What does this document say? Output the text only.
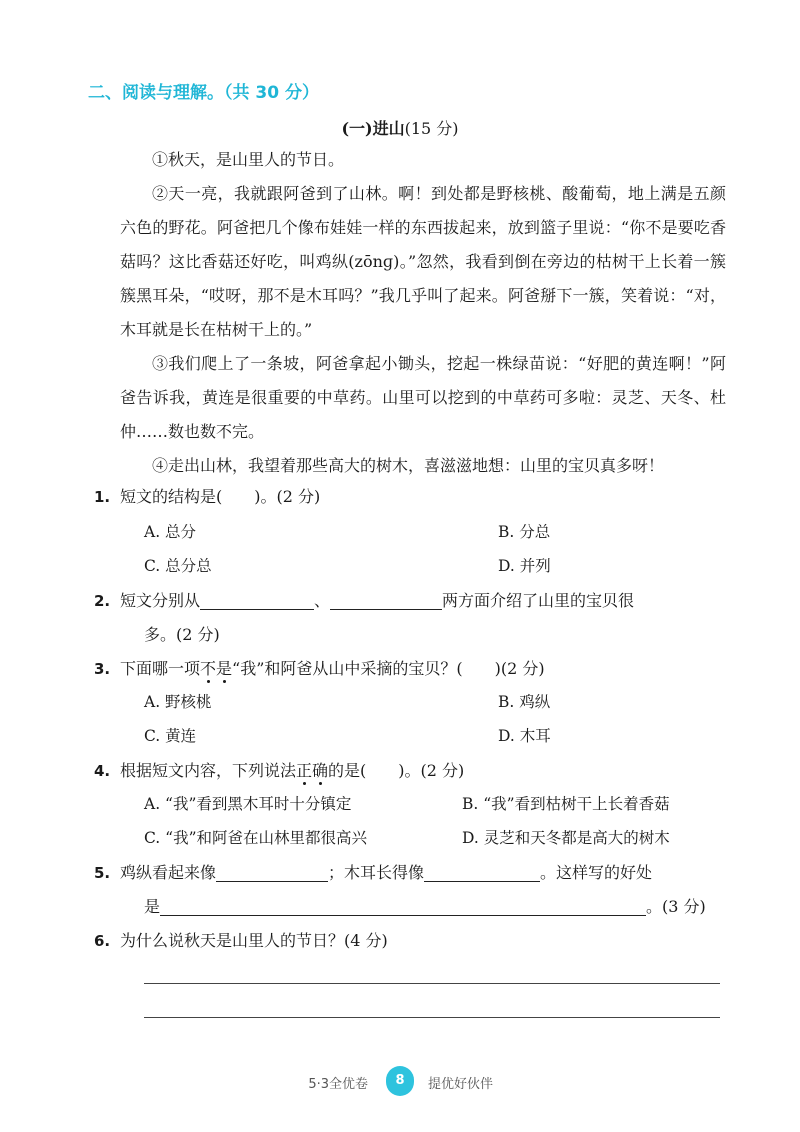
二、阅读与理解。（共 30 分）
(一)进山(15 分)
①秋天，是山里人的节日。
②天一亮，我就跟阿爸到了山林。啊！到处都是野核桃、酸葡萄，地上满是五颜六色的野花。阿爸把几个像布娃娃一样的东西拔起来，放到篮子里说：“你不是要吃香菇吗？这比香菇还好吃，叫鸡纵(zōnɡ)。”忽然，我看到倒在旁边的枯树干上长着一簇簇黑耳朵，“哎呀，那不是木耳吗？”我几乎叫了起来。阿爸掰下一簇，笑着说：“对，木耳就是长在枯树干上的。”
③我们爬上了一条坡，阿爸拿起小锄头，挖起一株绿苗说：“好肥的黄连啊！”阿爸告诉我，黄连是很重要的中草药。山里可以挖到的中草药可多啦：灵芝、天冬、杜仲……数也数不完。
④走出山林，我望着那些高大的树木，喜滋滋地想：山里的宝贝真多呀！
1. 短文的结构是(　　)。(2 分)
A. 总分	B. 分总
C. 总分总	D. 并列
2. 短文分别从	、	两方面介绍了山里的宝贝很
多。(2 分)
3. 下面哪一项不是“我”和阿爸从山中采摘的宝贝？(　　)(2 分)
A. 野核桃	B. 鸡纵
C. 黄连	D. 木耳
4. 根据短文内容，下列说法正确的是(　　)。(2 分)
A. “我”看到黑木耳时十分镇定	B. “我”看到枯树干上长着香菇
C. “我”和阿爸在山林里都很高兴	D. 灵芝和天冬都是高大的树木
5. 鸡纵看起来像	；木耳长得像	。这样写的好处
是	。(3 分)
6. 为什么说秋天是山里人的节日？(4 分)
5·3全优卷	8	提优好伙伴
